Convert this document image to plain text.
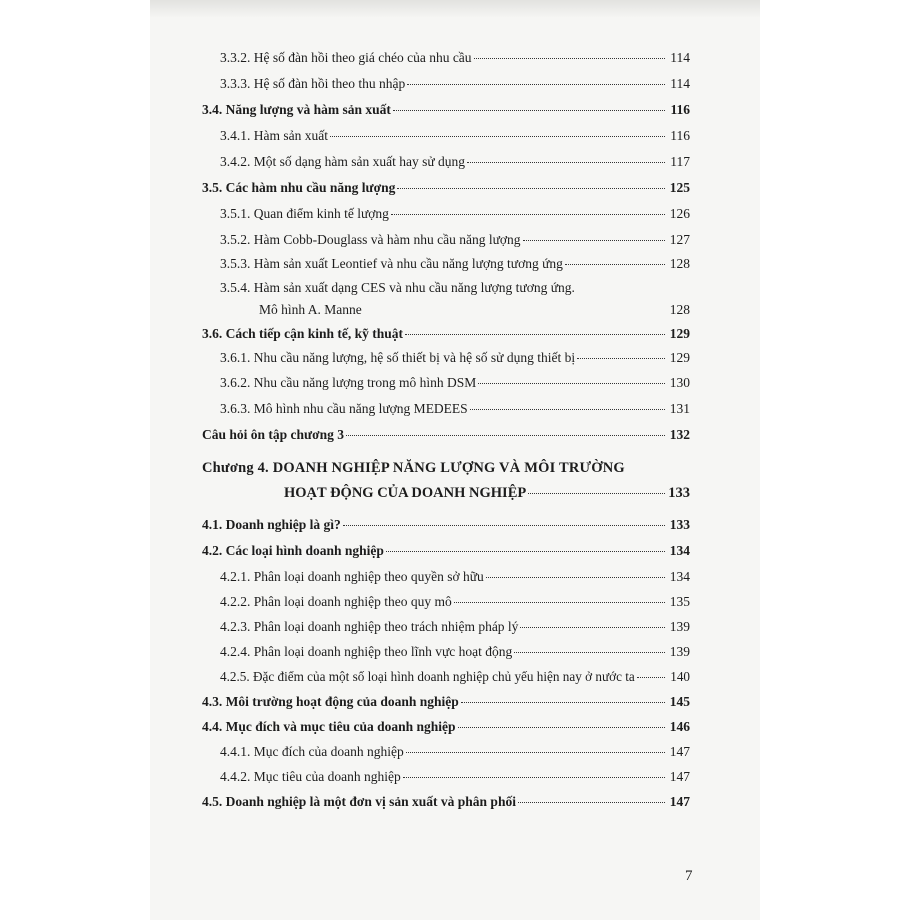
3.3.2. Hệ số đàn hồi theo giá chéo của nhu cầu	114
3.3.3. Hệ số đàn hồi theo thu nhập	114
3.4. Năng lượng và hàm sản xuất	116
3.4.1. Hàm sản xuất	116
3.4.2. Một số dạng hàm sản xuất hay sử dụng	117
3.5. Các hàm nhu cầu năng lượng	125
3.5.1. Quan điểm kinh tế lượng	126
3.5.2. Hàm Cobb-Douglass và hàm nhu cầu năng lượng	127
3.5.3. Hàm sản xuất Leontief và nhu cầu năng lượng tương ứng	128
3.5.4. Hàm sản xuất dạng CES và nhu cầu năng lượng tương ứng.
Mô hình A. Manne	128
3.6. Cách tiếp cận kinh tế, kỹ thuật	129
3.6.1. Nhu cầu năng lượng, hệ số thiết bị và hệ số sử dụng thiết bị	129
3.6.2. Nhu cầu năng lượng trong mô hình DSM	130
3.6.3. Mô hình nhu cầu năng lượng MEDEES	131
Câu hỏi ôn tập chương 3	132
Chương 4. DOANH NGHIỆP NĂNG LƯỢNG VÀ MÔI TRƯỜNG
HOẠT ĐỘNG CỦA DOANH NGHIỆP	133
4.1. Doanh nghiệp là gì?	133
4.2. Các loại hình doanh nghiệp	134
4.2.1. Phân loại doanh nghiệp theo quyền sở hữu	134
4.2.2. Phân loại doanh nghiệp theo quy mô	135
4.2.3. Phân loại doanh nghiệp theo trách nhiệm pháp lý	139
4.2.4. Phân loại doanh nghiệp theo lĩnh vực hoạt động	139
4.2.5. Đặc điểm của một số loại hình doanh nghiệp chủ yếu hiện nay ở nước ta	140
4.3. Môi trường hoạt động của doanh nghiệp	145
4.4. Mục đích và mục tiêu của doanh nghiệp	146
4.4.1. Mục đích của doanh nghiệp	147
4.4.2. Mục tiêu của doanh nghiệp	147
4.5. Doanh nghiệp là một đơn vị sản xuất và phân phối	147
7
